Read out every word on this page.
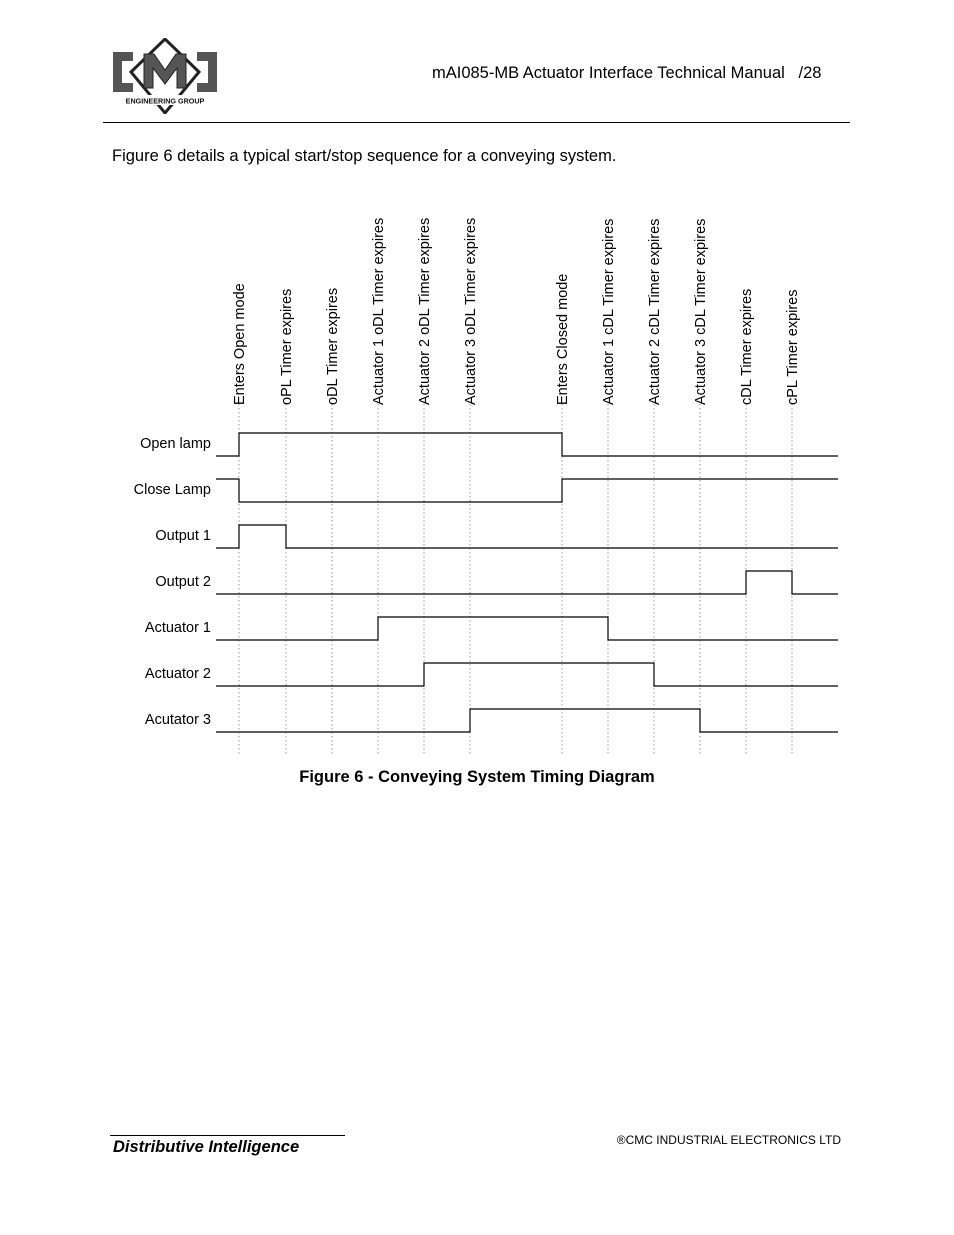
ENGINEERING GROUP
mAI085-MB Actuator Interface Technical Manual   /28
Figure 6 details a typical start/stop sequence for a conveying system.
Enters Open mode oPL Timer expires oDL Timer expires Actuator 1 oDL Timer expires Actuator 2 oDL Timer expires Actuator 3 oDL Timer expires	Enters Closed mode Actuator 1 cDL Timer expires Actuator 2 cDL Timer expires Actuator 3 cDL Timer expires cDL Timer expires cPL Timer expires
Open lamp
Close Lamp
Output 1
Output 2
Actuator 1
Actuator 2
Acutator 3
Figure 6 - Conveying System Timing Diagram
Distributive Intelligence	®CMC INDUSTRIAL ELECTRONICS LTD
